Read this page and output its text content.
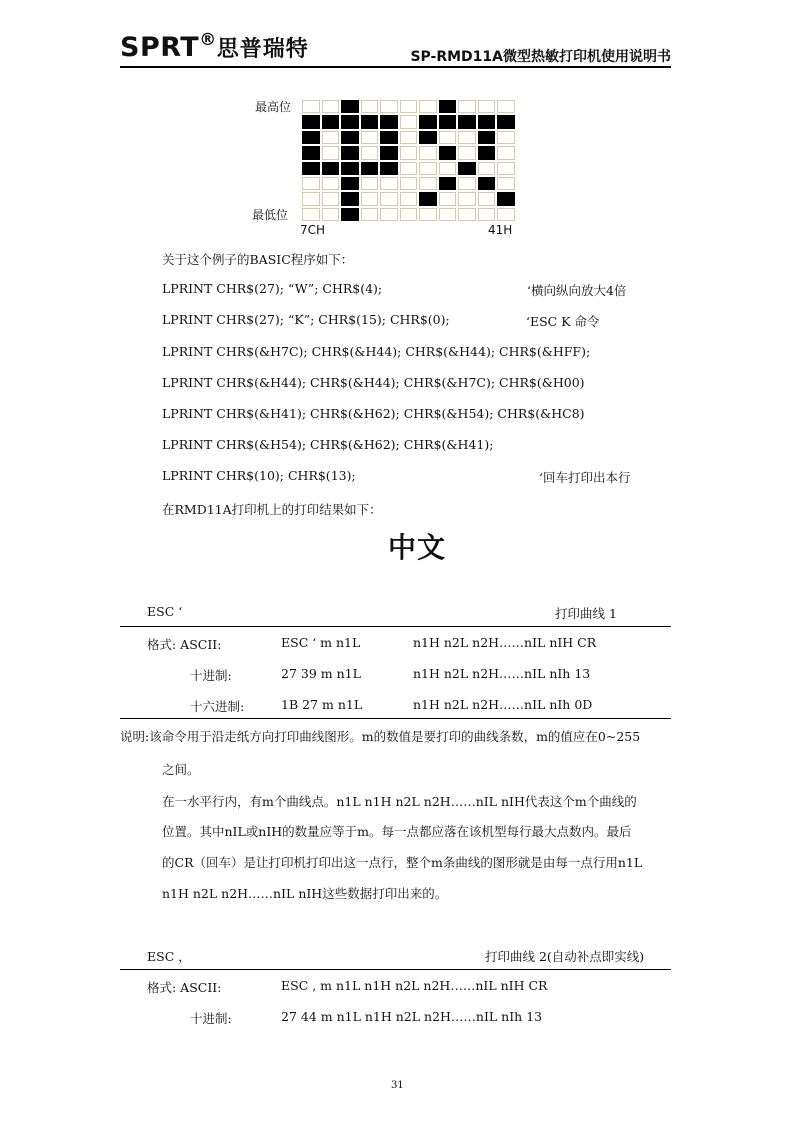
SPRT®思普瑞特	SP-RMD11A微型热敏打印机使用说明书
最高位
最低位
7CH	41H
关于这个例子的BASIC程序如下：
LPRINT CHR$(27); “W”; CHR$(4);	‘横向纵向放大4倍
LPRINT CHR$(27); “K”; CHR$(15); CHR$(0);	‘ESC K 命令
LPRINT CHR$(&H7C); CHR$(&H44); CHR$(&H44); CHR$(&HFF);
LPRINT CHR$(&H44); CHR$(&H44); CHR$(&H7C); CHR$(&H00)
LPRINT CHR$(&H41); CHR$(&H62); CHR$(&H54); CHR$(&HC8)
LPRINT CHR$(&H54); CHR$(&H62); CHR$(&H41);
LPRINT CHR$(10); CHR$(13);	‘回车打印出本行
在RMD11A打印机上的打印结果如下：
中文
ESC ‘	打印曲线 1
格式: ASCII:	ESC ‘ m n1L	n1H n2L n2H……nIL nIH CR
十进制:	27 39 m n1L	n1H n2L n2H……nIL nIh 13
十六进制:	1B 27 m n1L	n1H n2L n2H……nIL nIh 0D
说明:该命令用于沿走纸方向打印曲线图形。m的数值是要打印的曲线条数，m的值应在0~255
之间。
在一水平行内，有m个曲线点。n1L n1H n2L n2H……nIL nIH代表这个m个曲线的
位置。其中nIL或nIH的数量应等于m。每一点都应落在该机型每行最大点数内。最后
的CR（回车）是让打印机打印出这一点行，整个m条曲线的图形就是由每一点行用n1L
n1H n2L n2H……nIL nIH这些数据打印出来的。
ESC ，	打印曲线 2(自动补点即实线)
格式: ASCII:	ESC , m n1L n1H n2L n2H……nIL nIH CR
十进制:	27 44 m n1L n1H n2L n2H……nIL nIh 13
31
